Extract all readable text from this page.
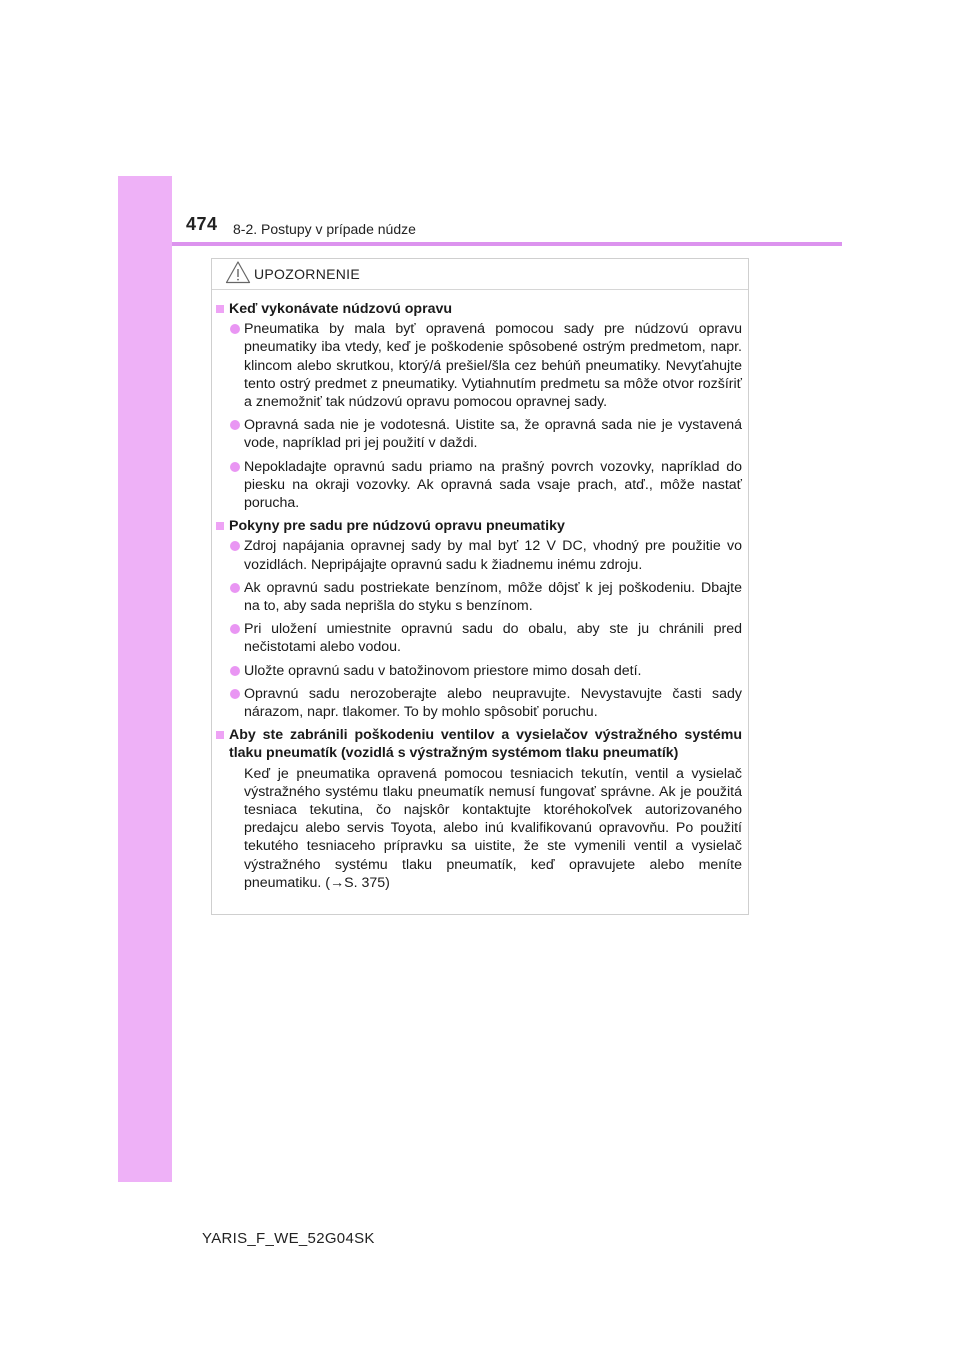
474 8-2. Postupy v prípade núdze
UPOZORNENIE
Keď vykonávate núdzovú opravu
Pneumatika by mala byť opravená pomocou sady pre núdzovú opravu pneumatiky iba vtedy, keď je poškodenie spôsobené ostrým predmetom, napr. klincom alebo skrutkou, ktorý/á prešiel/šla cez behúň pneumatiky. Nevyťahujte tento ostrý predmet z pneumatiky. Vytiahnutím predmetu sa môže otvor rozšíriť a znemožniť tak núdzovú opravu pomocou opravnej sady.
Opravná sada nie je vodotesná. Uistite sa, že opravná sada nie je vystavená vode, napríklad pri jej použití v daždi.
Nepokladajte opravnú sadu priamo na prašný povrch vozovky, napríklad do piesku na okraji vozovky. Ak opravná sada vsaje prach, atď., môže nastať porucha.
Pokyny pre sadu pre núdzovú opravu pneumatiky
Zdroj napájania opravnej sady by mal byť 12 V DC, vhodný pre použitie vo vozidlách. Nepripájajte opravnú sadu k žiadnemu inému zdroju.
Ak opravnú sadu postriekate benzínom, môže dôjsť k jej poškodeniu. Dbajte na to, aby sada neprišla do styku s benzínom.
Pri uložení umiestnite opravnú sadu do obalu, aby ste ju chránili pred nečistotami alebo vodou.
Uložte opravnú sadu v batožinovom priestore mimo dosah detí.
Opravnú sadu nerozoberajte alebo neupravujte. Nevystavujte časti sady nárazom, napr. tlakomer. To by mohlo spôsobiť poruchu.
Aby ste zabránili poškodeniu ventilov a vysielačov výstražného systému tlaku pneumatík (vozidlá s výstražným systémom tlaku pneumatík)
Keď je pneumatika opravená pomocou tesniacich tekutín, ventil a vysielač výstražného systému tlaku pneumatík nemusí fungovať správne. Ak je použitá tesniaca tekutina, čo najskôr kontaktujte ktoréhokoľvek autorizovaného predajcu alebo servis Toyota, alebo inú kvalifikovanú opravovňu. Po použití tekutého tesniaceho prípravku sa uistite, že ste vymenili ventil a vysielač výstražného systému tlaku pneumatík, keď opravujete alebo meníte pneumatiku. (→S. 375)
YARIS_F_WE_52G04SK
